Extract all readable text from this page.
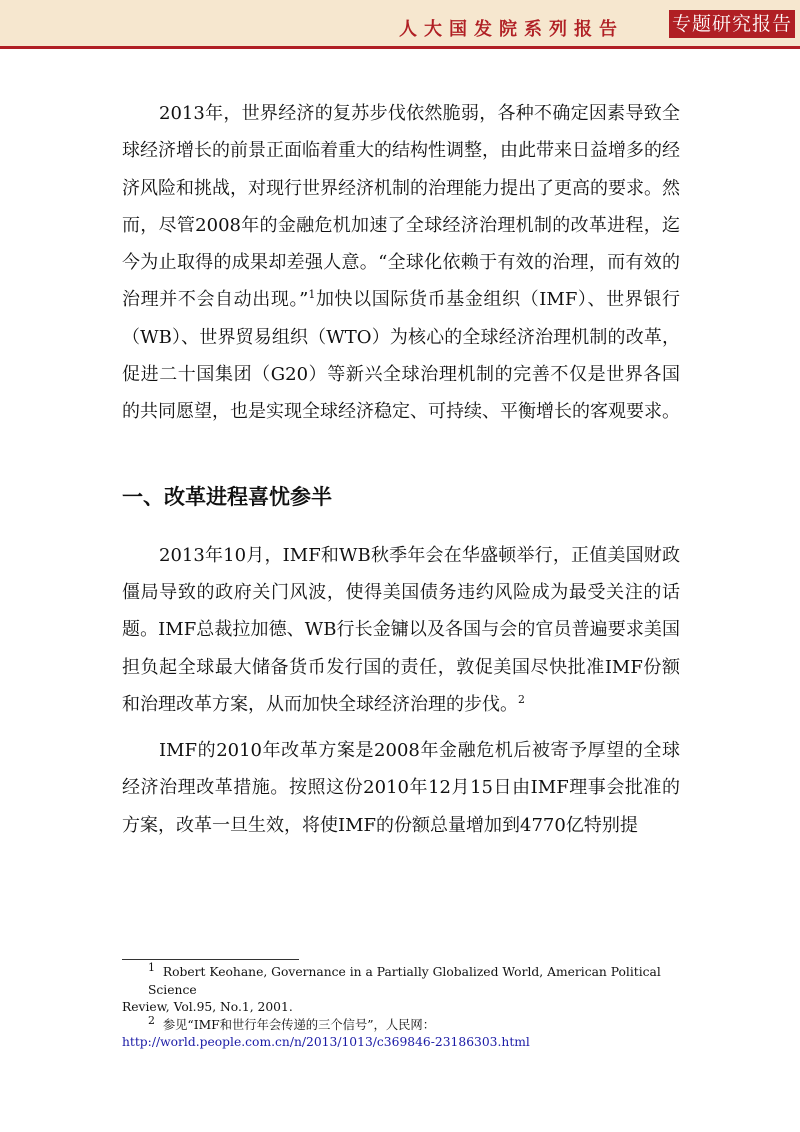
人大国发院系列报告	专题研究报告

2013年，世界经济的复苏步伐依然脆弱，各种不确定因素导致全球经济增长的前景正面临着重大的结构性调整，由此带来日益增多的经济风险和挑战，对现行世界经济机制的治理能力提出了更高的要求。然而，尽管2008年的金融危机加速了全球经济治理机制的改革进程，迄今为止取得的成果却差强人意。“全球化依赖于有效的治理，而有效的治理并不会自动出现。”$^1$加快以国际货币基金组织（IMF）、世界银行（WB）、世界贸易组织（WTO）为核心的全球经济治理机制的改革，促进二十国集团（G20）等新兴全球治理机制的完善不仅是世界各国的共同愿望，也是实现全球经济稳定、可持续、平衡增长的客观要求。

一、改革进程喜忧参半

2013年10月，IMF和WB秋季年会在华盛顿举行，正值美国财政僵局导致的政府关门风波，使得美国债务违约风险成为最受关注的话题。IMF总裁拉加德、WB行长金镛以及各国与会的官员普遍要求美国担负起全球最大储备货币发行国的责任，敦促美国尽快批准IMF份额和治理改革方案，从而加快全球经济治理的步伐。$^2$

IMF的2010年改革方案是2008年金融危机后被寄予厚望的全球经济治理改革措施。按照这份2010年12月15日由IMF理事会批准的方案，改革一旦生效，将使IMF的份额总量增加到4770亿特别提

$^1$ Robert Keohane, Governance in a Partially Globalized World, American Political Science

Review, Vol.95, No.1, 2001.

$^2$ 参见“IMF和世行年会传递的三个信号”，人民网：

http://world.people.com.cn/n/2013/1013/c369846-23186303.html
